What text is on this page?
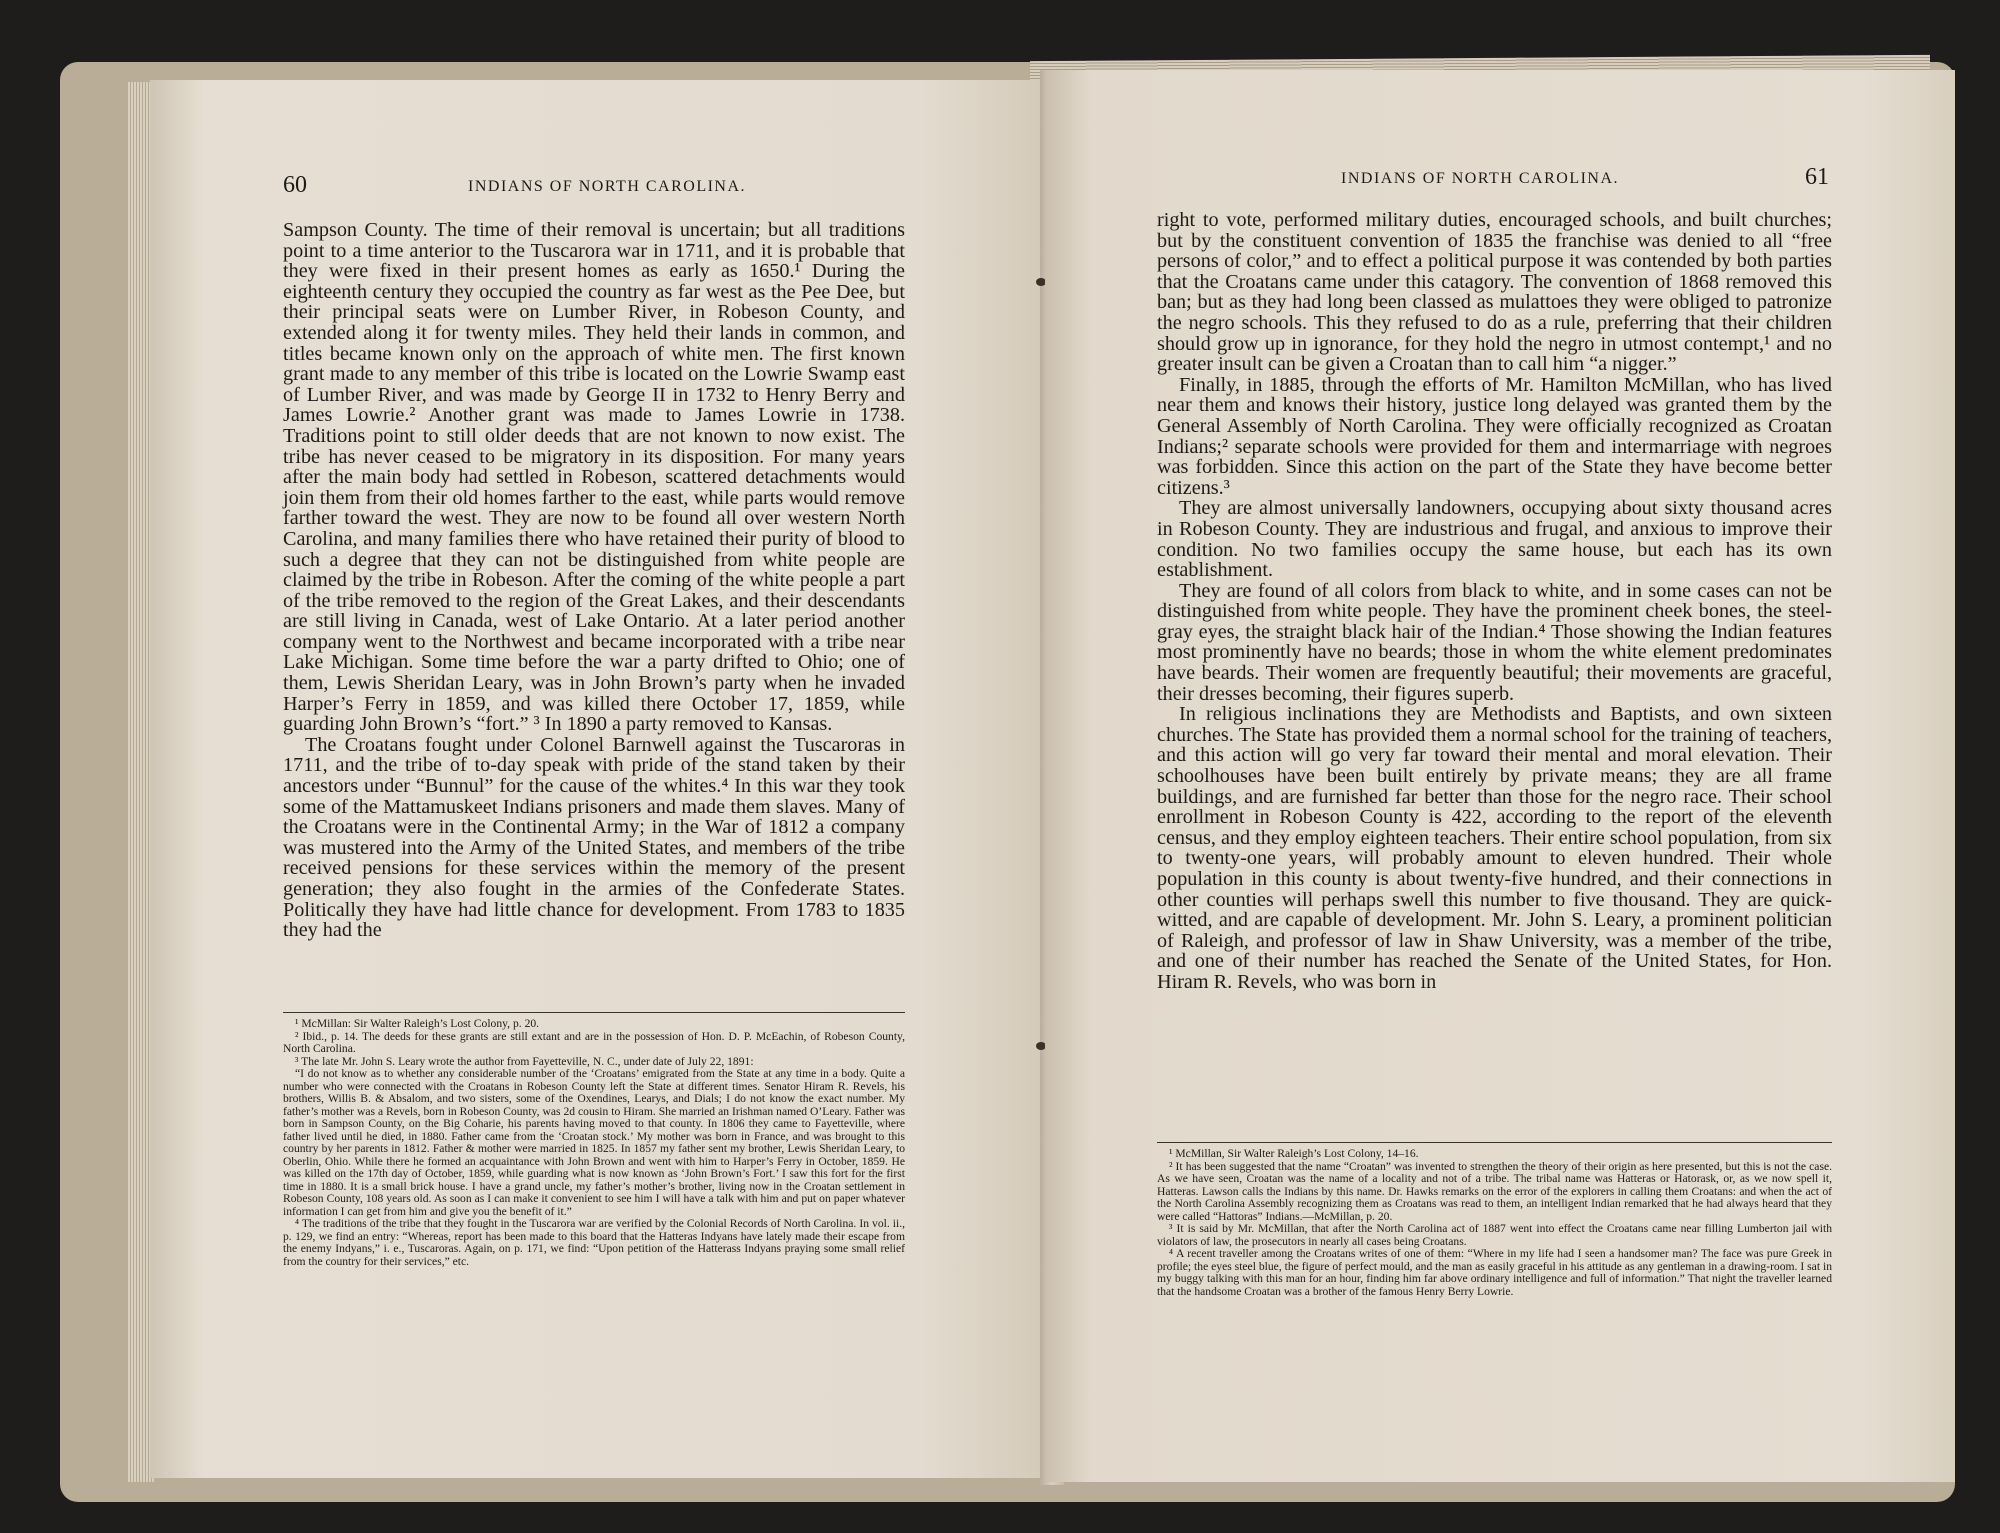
60	INDIANS OF NORTH CAROLINA.

Sampson County. The time of their removal is uncertain; but all traditions point to a time anterior to the Tuscarora war in 1711, and it is probable that they were fixed in their present homes as early as 1650.¹ During the eighteenth century they occupied the country as far west as the Pee Dee, but their principal seats were on Lumber River, in Robeson County, and extended along it for twenty miles. They held their lands in common, and titles became known only on the approach of white men. The first known grant made to any member of this tribe is located on the Lowrie Swamp east of Lumber River, and was made by George II in 1732 to Henry Berry and James Lowrie.² Another grant was made to James Lowrie in 1738. Traditions point to still older deeds that are not known to now exist. The tribe has never ceased to be migratory in its disposition. For many years after the main body had settled in Robeson, scattered detachments would join them from their old homes farther to the east, while parts would remove farther toward the west. They are now to be found all over western North Carolina, and many families there who have retained their purity of blood to such a degree that they can not be distinguished from white people are claimed by the tribe in Robeson. After the coming of the white people a part of the tribe removed to the region of the Great Lakes, and their descendants are still living in Canada, west of Lake Ontario. At a later period another company went to the Northwest and became incorporated with a tribe near Lake Michigan. Some time before the war a party drifted to Ohio; one of them, Lewis Sheridan Leary, was in John Brown’s party when he invaded Harper’s Ferry in 1859, and was killed there October 17, 1859, while guarding John Brown’s “fort.” ³ In 1890 a party removed to Kansas.

The Croatans fought under Colonel Barnwell against the Tuscaroras in 1711, and the tribe of to-day speak with pride of the stand taken by their ancestors under “Bunnul” for the cause of the whites.⁴ In this war they took some of the Mattamuskeet Indians prisoners and made them slaves. Many of the Croatans were in the Continental Army; in the War of 1812 a company was mustered into the Army of the United States, and members of the tribe received pensions for these services within the memory of the present generation; they also fought in the armies of the Confederate States. Politically they have had little chance for development. From 1783 to 1835 they had the

¹ McMillan: Sir Walter Raleigh’s Lost Colony, p. 20.

² Ibid., p. 14. The deeds for these grants are still extant and are in the possession of Hon. D. P. McEachin, of Robeson County, North Carolina.

³ The late Mr. John S. Leary wrote the author from Fayetteville, N. C., under date of July 22, 1891:

“I do not know as to whether any considerable number of the ‘Croatans’ emigrated from the State at any time in a body. Quite a number who were connected with the Croatans in Robeson County left the State at different times. Senator Hiram R. Revels, his brothers, Willis B. & Absalom, and two sisters, some of the Oxendines, Learys, and Dials; I do not know the exact number. My father’s mother was a Revels, born in Robeson County, was 2d cousin to Hiram. She married an Irishman named O’Leary. Father was born in Sampson County, on the Big Coharie, his parents having moved to that county. In 1806 they came to Fayetteville, where father lived until he died, in 1880. Father came from the ‘Croatan stock.’ My mother was born in France, and was brought to this country by her parents in 1812. Father & mother were married in 1825. In 1857 my father sent my brother, Lewis Sheridan Leary, to Oberlin, Ohio. While there he formed an acquaintance with John Brown and went with him to Harper’s Ferry in October, 1859. He was killed on the 17th day of October, 1859, while guarding what is now known as ‘John Brown’s Fort.’ I saw this fort for the first time in 1880. It is a small brick house. I have a grand uncle, my father’s mother’s brother, living now in the Croatan settlement in Robeson County, 108 years old. As soon as I can make it convenient to see him I will have a talk with him and put on paper whatever information I can get from him and give you the benefit of it.”

⁴ The traditions of the tribe that they fought in the Tuscarora war are verified by the Colonial Records of North Carolina. In vol. ii., p. 129, we find an entry: “Whereas, report has been made to this board that the Hatteras Indyans have lately made their escape from the enemy Indyans,” i. e., Tuscaroras. Again, on p. 171, we find: “Upon petition of the Hatterass Indyans praying some small relief from the country for their services,” etc.

INDIANS OF NORTH CAROLINA.	61

right to vote, performed military duties, encouraged schools, and built churches; but by the constituent convention of 1835 the franchise was denied to all “free persons of color,” and to effect a political purpose it was contended by both parties that the Croatans came under this catagory. The convention of 1868 removed this ban; but as they had long been classed as mulattoes they were obliged to patronize the negro schools. This they refused to do as a rule, preferring that their children should grow up in ignorance, for they hold the negro in utmost contempt,¹ and no greater insult can be given a Croatan than to call him “a nigger.”

Finally, in 1885, through the efforts of Mr. Hamilton McMillan, who has lived near them and knows their history, justice long delayed was granted them by the General Assembly of North Carolina. They were officially recognized as Croatan Indians;² separate schools were provided for them and intermarriage with negroes was forbidden. Since this action on the part of the State they have become better citizens.³

They are almost universally landowners, occupying about sixty thousand acres in Robeson County. They are industrious and frugal, and anxious to improve their condition. No two families occupy the same house, but each has its own establishment.

They are found of all colors from black to white, and in some cases can not be distinguished from white people. They have the prominent cheek bones, the steel-gray eyes, the straight black hair of the Indian.⁴ Those showing the Indian features most prominently have no beards; those in whom the white element predominates have beards. Their women are frequently beautiful; their movements are graceful, their dresses becoming, their figures superb.

In religious inclinations they are Methodists and Baptists, and own sixteen churches. The State has provided them a normal school for the training of teachers, and this action will go very far toward their mental and moral elevation. Their schoolhouses have been built entirely by private means; they are all frame buildings, and are furnished far better than those for the negro race. Their school enrollment in Robeson County is 422, according to the report of the eleventh census, and they employ eighteen teachers. Their entire school population, from six to twenty-one years, will probably amount to eleven hundred. Their whole population in this county is about twenty-five hundred, and their connections in other counties will perhaps swell this number to five thousand. They are quick-witted, and are capable of development. Mr. John S. Leary, a prominent politician of Raleigh, and professor of law in Shaw University, was a member of the tribe, and one of their number has reached the Senate of the United States, for Hon. Hiram R. Revels, who was born in

¹ McMillan, Sir Walter Raleigh’s Lost Colony, 14–16.

² It has been suggested that the name “Croatan” was invented to strengthen the theory of their origin as here presented, but this is not the case. As we have seen, Croatan was the name of a locality and not of a tribe. The tribal name was Hatteras or Hatorask, or, as we now spell it, Hatteras. Lawson calls the Indians by this name. Dr. Hawks remarks on the error of the explorers in calling them Croatans: and when the act of the North Carolina Assembly recognizing them as Croatans was read to them, an intelligent Indian remarked that he had always heard that they were called “Hattoras” Indians.—McMillan, p. 20.

³ It is said by Mr. McMillan, that after the North Carolina act of 1887 went into effect the Croatans came near filling Lumberton jail with violators of law, the prosecutors in nearly all cases being Croatans.

⁴ A recent traveller among the Croatans writes of one of them: “Where in my life had I seen a handsomer man? The face was pure Greek in profile; the eyes steel blue, the figure of perfect mould, and the man as easily graceful in his attitude as any gentleman in a drawing-room. I sat in my buggy talking with this man for an hour, finding him far above ordinary intelligence and full of information.” That night the traveller learned that the handsome Croatan was a brother of the famous Henry Berry Lowrie.
